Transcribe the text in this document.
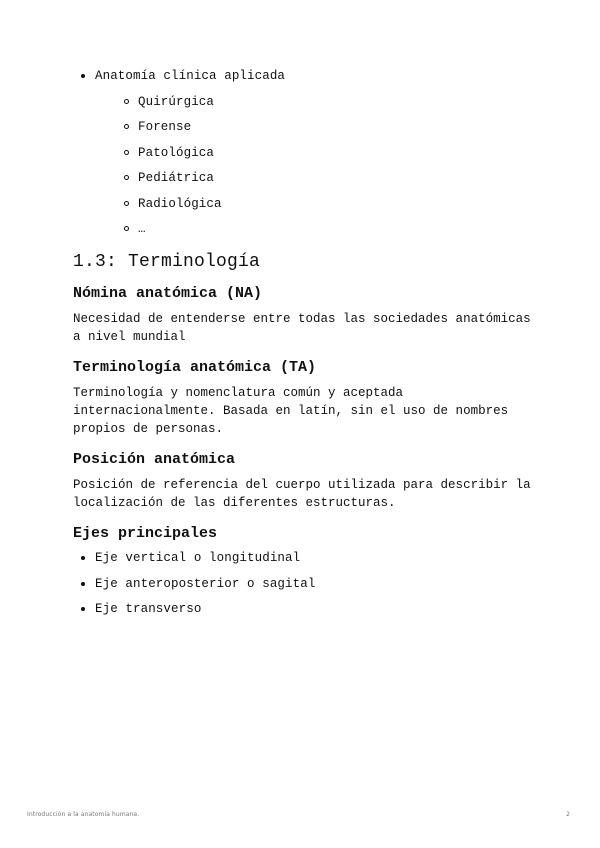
Anatomía clínica aplicada
Quirúrgica
Forense
Patológica
Pediátrica
Radiológica
…
1.3: Terminología
Nómina anatómica (NA)

Necesidad de entenderse entre todas las sociedades anatómicas a nivel mundial

Terminología anatómica (TA)

Terminología y nomenclatura común y aceptada internacionalmente. Basada en latín, sin el uso de nombres propios de personas.

Posición anatómica

Posición de referencia del cuerpo utilizada para describir la localización de las diferentes estructuras.

Ejes principales
Eje vertical o longitudinal
Eje anteroposterior o sagital
Eje transverso
Introducción a la anatomía humana.	2
